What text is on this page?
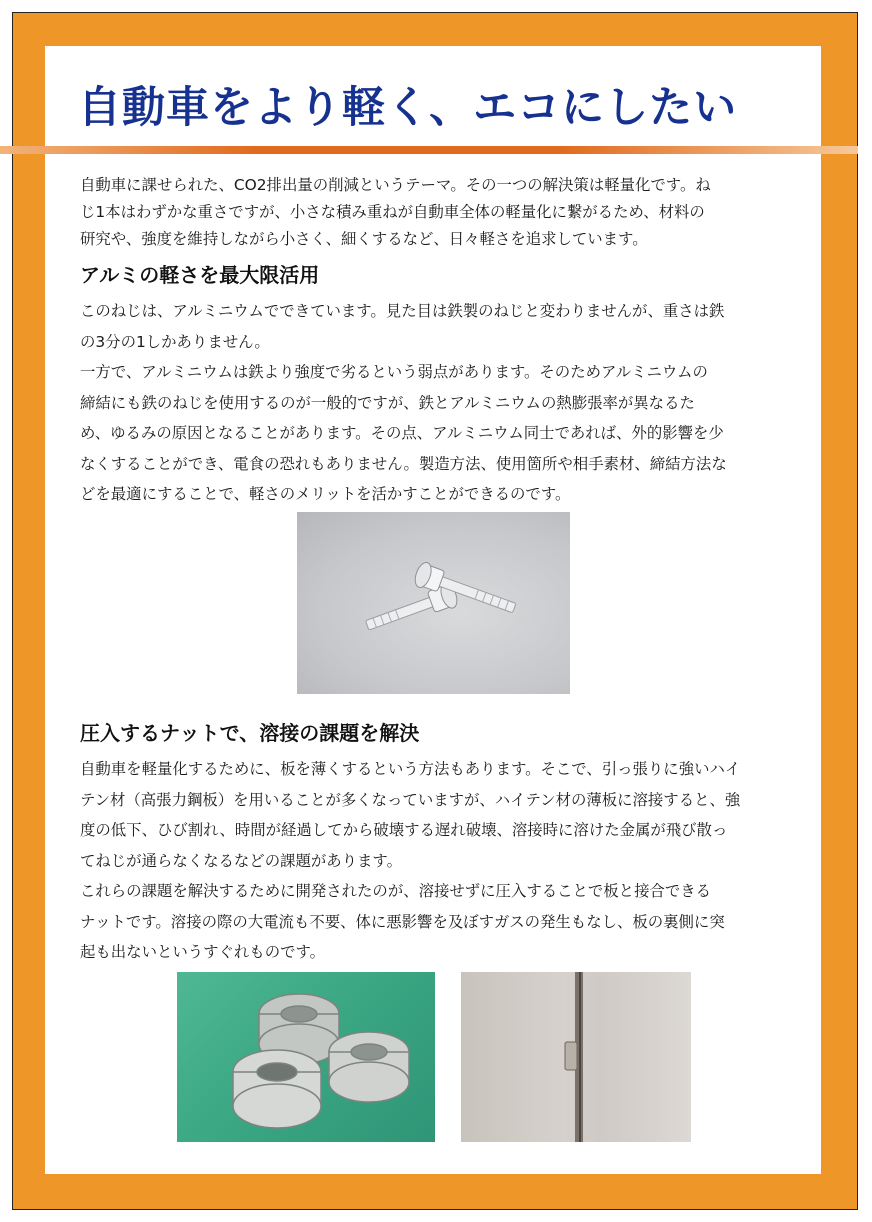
自動車をより軽く、エコにしたい
自動車に課せられた、CO2排出量の削減というテーマ。その一つの解決策は軽量化です。ね
じ1本はわずかな重さですが、小さな積み重ねが自動車全体の軽量化に繋がるため、材料の
研究や、強度を維持しながら小さく、細くするなど、日々軽さを追求しています。
アルミの軽さを最大限活用
このねじは、アルミニウムでできています。見た目は鉄製のねじと変わりませんが、重さは鉄
の3分の1しかありません。
一方で、アルミニウムは鉄より強度で劣るという弱点があります。そのためアルミニウムの
締結にも鉄のねじを使用するのが一般的ですが、鉄とアルミニウムの熱膨張率が異なるた
め、ゆるみの原因となることがあります。その点、アルミニウム同士であれば、外的影響を少
なくすることができ、電食の恐れもありません。製造方法、使用箇所や相手素材、締結方法な
どを最適にすることで、軽さのメリットを活かすことができるのです。
圧入するナットで、溶接の課題を解決
自動車を軽量化するために、板を薄くするという方法もあります。そこで、引っ張りに強いハイ
テン材（高張力鋼板）を用いることが多くなっていますが、ハイテン材の薄板に溶接すると、強
度の低下、ひび割れ、時間が経過してから破壊する遅れ破壊、溶接時に溶けた金属が飛び散っ
てねじが通らなくなるなどの課題があります。
これらの課題を解決するために開発されたのが、溶接せずに圧入することで板と接合できる
ナットです。溶接の際の大電流も不要、体に悪影響を及ぼすガスの発生もなし、板の裏側に突
起も出ないというすぐれものです。
